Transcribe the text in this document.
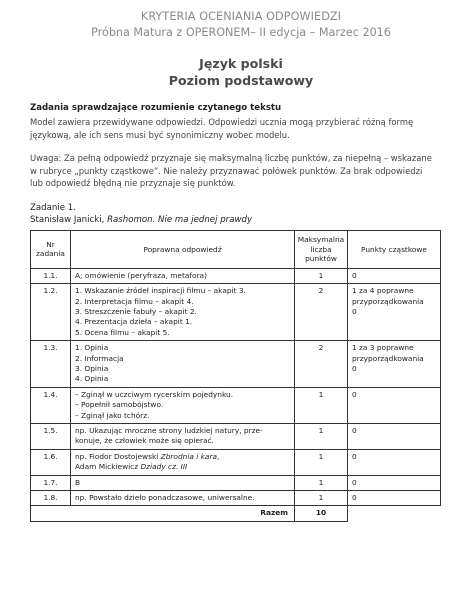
KRYTERIA OCENIANIA ODPOWIEDZI
Próbna Matura z OPERONEM– II edycja – Marzec 2016
Język polski
Poziom podstawowy
Zadania sprawdzające rozumienie czytanego tekstu
Model zawiera przewidywane odpowiedzi. Odpowiedzi ucznia mogą przybierać różną formę
językową, ale ich sens musi być synonimiczny wobec modelu.
Uwaga: Za pełną odpowiedź przyznaje się maksymalną liczbę punktów, za niepełną – wskazane
w rubryce „punkty cząstkowe”. Nie należy przyznawać połówek punktów. Za brak odpowiedzi
lub odpowiedź błędną nie przyznaje się punktów.
Zadanie 1.
Stanisław Janicki, Rashomon. Nie ma jednej prawdy
Nr
zadania	Poprawna odpowiedź	Maksymalna
liczba
punktów	Punkty cząstkowe
1.1.	A; omówienie (peryfraza, metafora)	1	0

1.2.	1. Wskazanie źródeł inspiracji filmu – akapit 3.
2. Interpretacja filmu – akapit 4.
3. Streszczenie fabuły – akapit 2.
4. Prezentacja dzieła – akapit 1.
5. Ocena filmu – akapit 5.	2	1 za 4 poprawne
przyporządkowania
0

1.3.	1. Opinia
2. Informacja
3. Opinia
4. Opinia	2	1 za 3 poprawne
przyporządkowania
0

1.4.	– Zginął w uczciwym rycerskim pojedynku.
– Popełnił samobójstwo.
– Zginął jako tchórz.	1	0

1.5.	np. Ukazując mroczne strony ludzkiej natury, prze-
konuje, że człowiek może się opierać.	1	0

1.6.	np. Fiodor Dostojewski Zbrodnia i kara,
Adam Mickiewicz Dziady cz. III	1	0

1.7.	B	1	0

1.8.	np. Powstało dzieło ponadczasowe, uniwersalne.	1	0

Razem		10	
